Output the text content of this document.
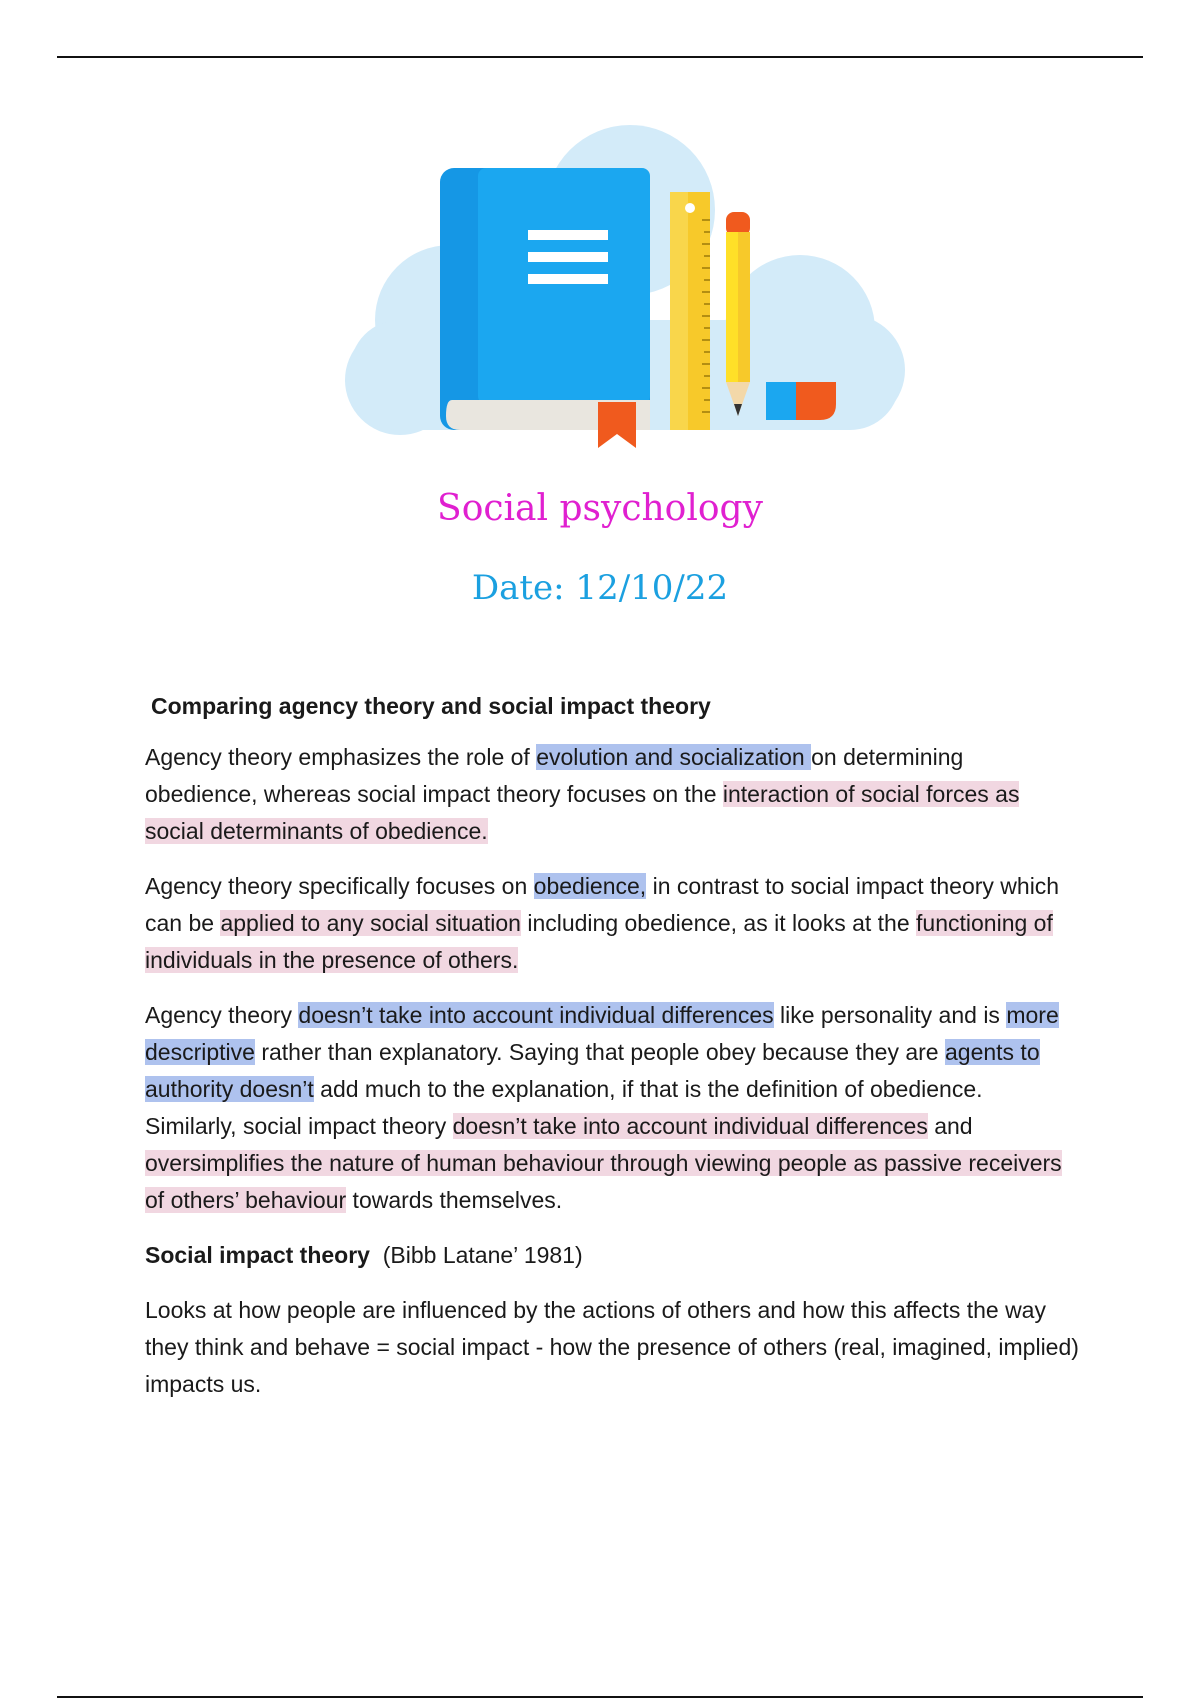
Social psychology
Date: 12/10/22
Comparing agency theory and social impact theory

Agency theory emphasizes the role of evolution and socialization on determining obedience, whereas social impact theory focuses on the interaction of social forces as social determinants of obedience.

Agency theory specifically focuses on obedience, in contrast to social impact theory which can be applied to any social situation including obedience, as it looks at the functioning of individuals in the presence of others.

Agency theory doesn’t take into account individual differences like personality and is more descriptive rather than explanatory. Saying that people obey because they are agents to authority doesn’t add much to the explanation, if that is the definition of obedience. Similarly, social impact theory doesn’t take into account individual differences and oversimplifies the nature of human behaviour through viewing people as passive receivers of others’ behaviour towards themselves.

Social impact theory  (Bibb Latane’ 1981)

Looks at how people are influenced by the actions of others and how this affects the way they think and behave = social impact - how the presence of others (real, imagined, implied) impacts us.
